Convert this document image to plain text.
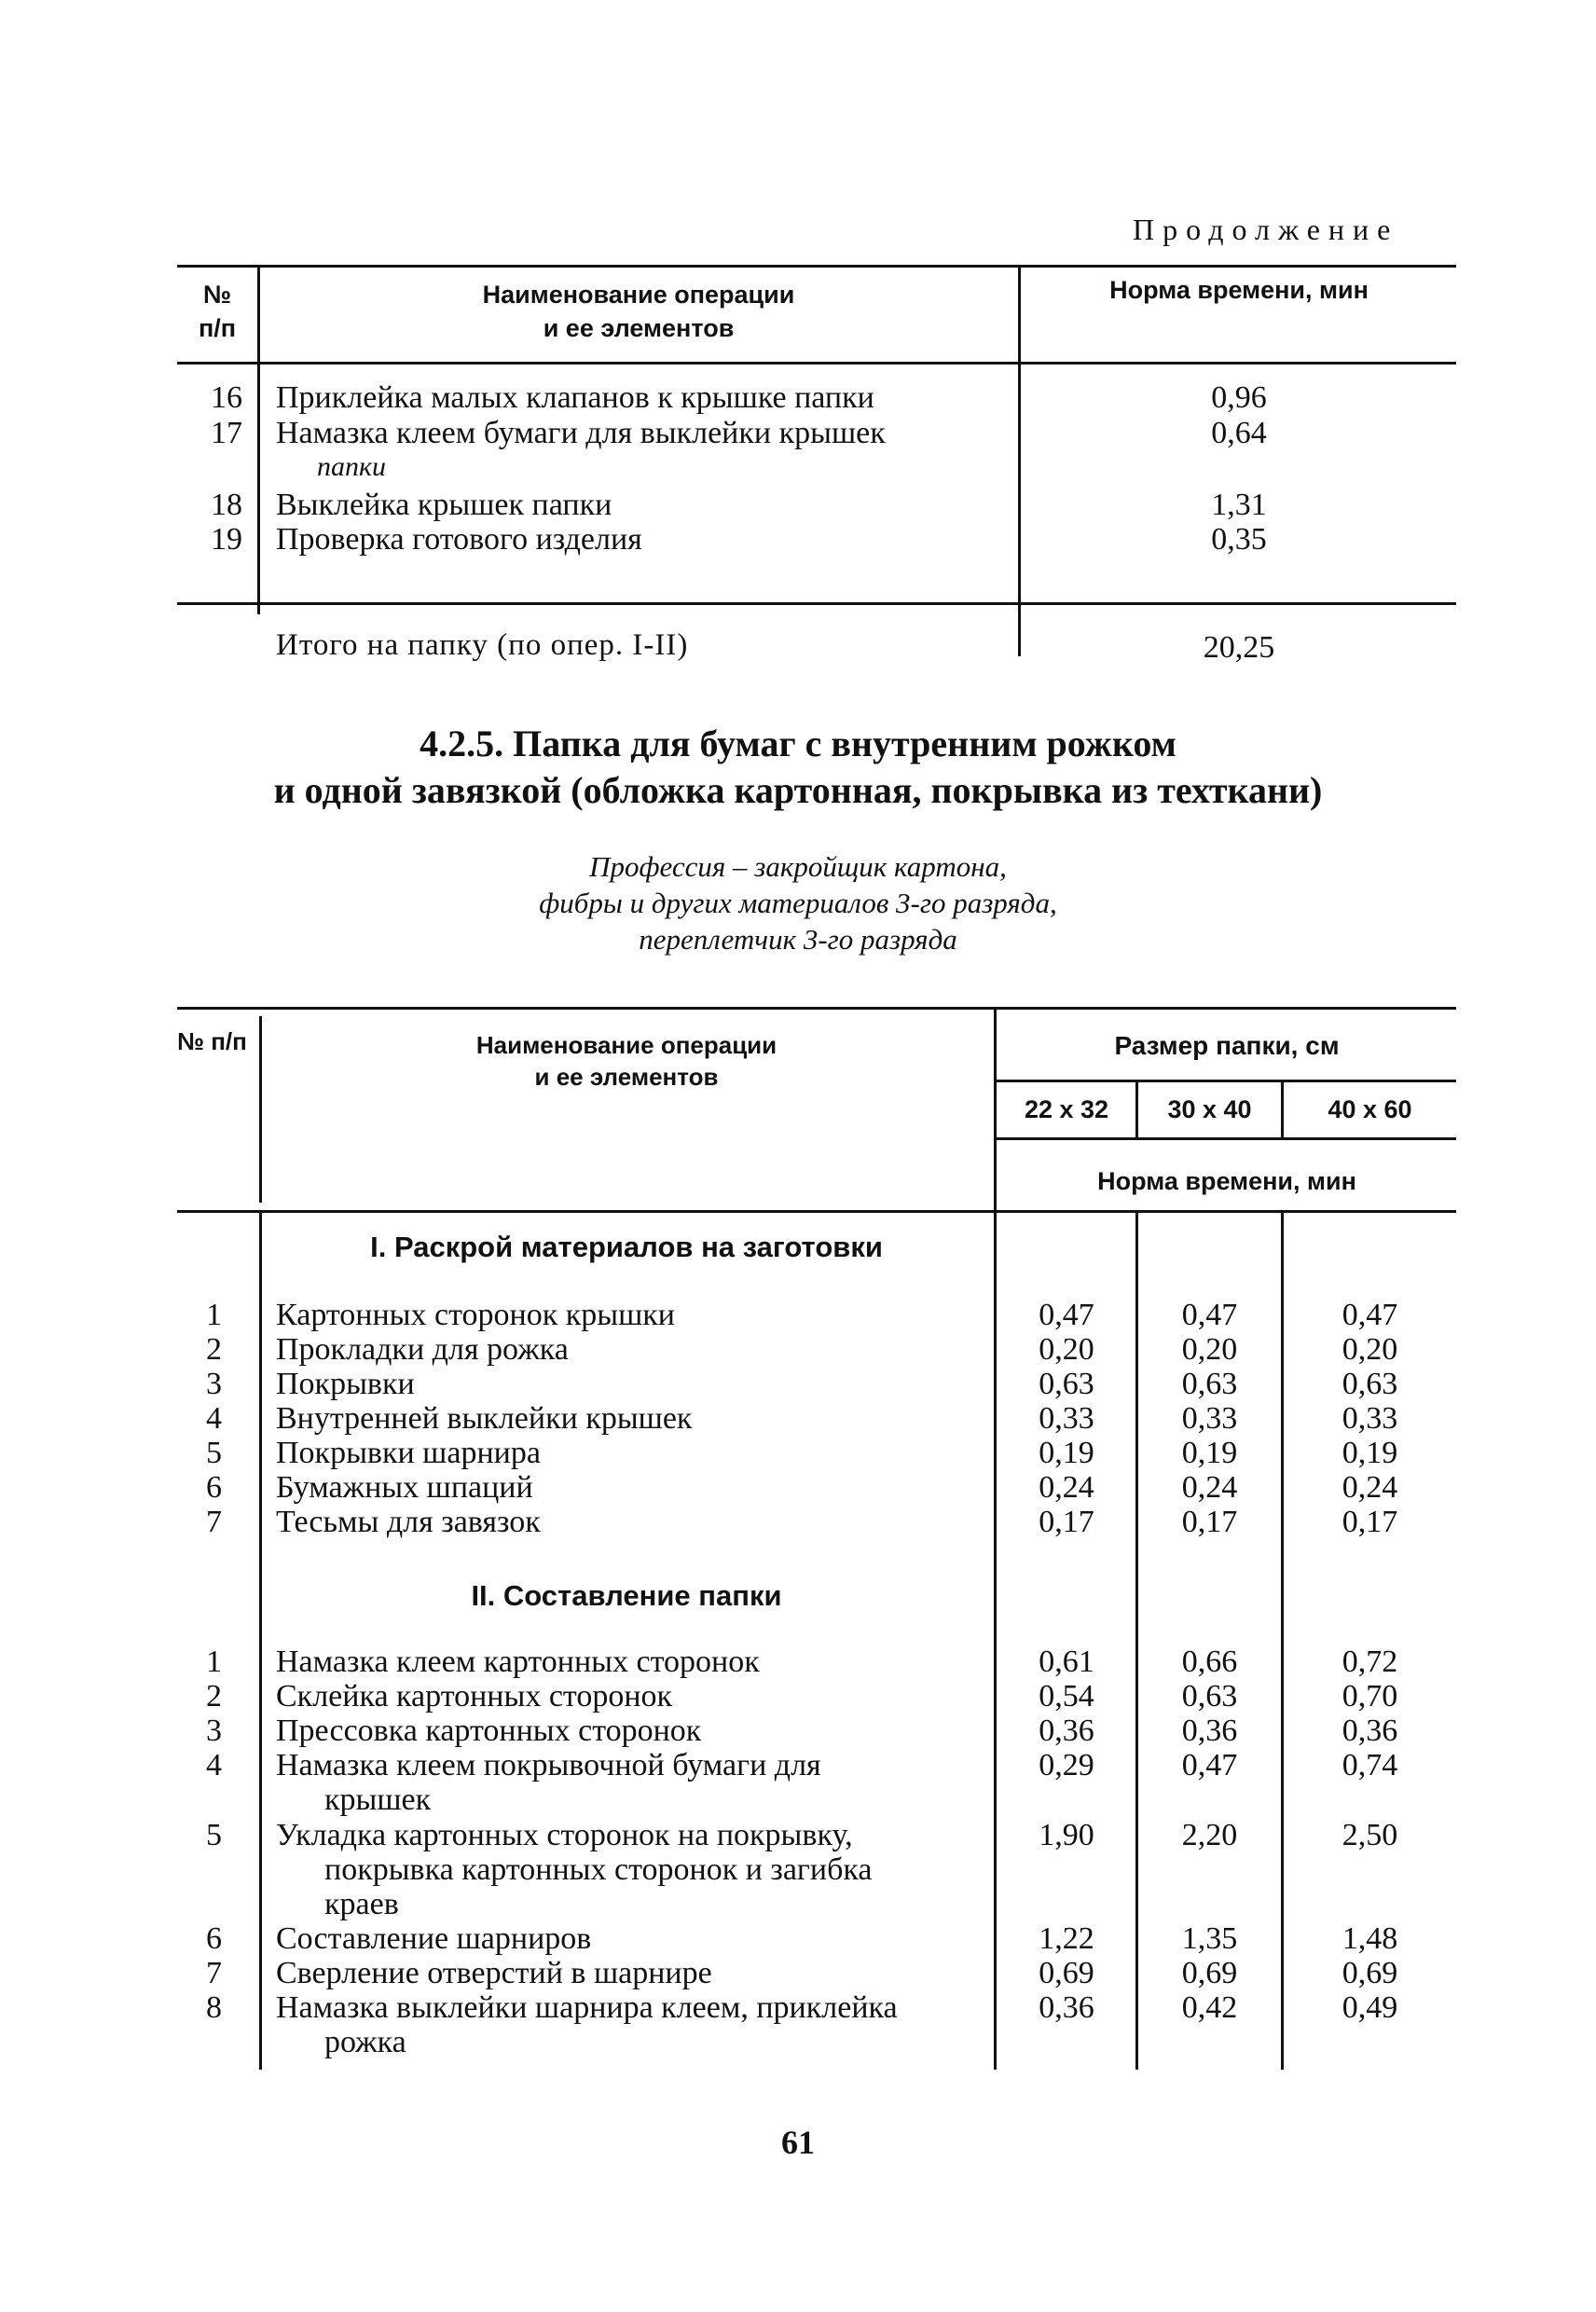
Продолжение
№
п/п
Наименование операции
и ее элементов
Норма времени, мин
16 Приклейка малых клапанов к крышке папки	0,96
17 Намазка клеем бумаги для выклейки крышек
папки
0,64
18 Выклейка крышек папки	1,31
19 Проверка готового изделия	0,35
Итого на папку (по опер. I-II)	20,25
4.2.5. Папка для бумаг с внутренним рожком
и одной завязкой (обложка картонная, покрывка из техткани)
Профессия – закройщик картона,
фибры и других материалов 3-го разряда,
переплетчик 3-го разряда
№ п/п	Наименование операции
и ее элементов
Размер папки, см
22 х 32	30 х 40	40 х 60
Норма времени, мин
I. Раскрой материалов на заготовки
II. Составление папки
1 Картонных сторонок крышки	0,47	0,47	0,47
2 Прокладки для рожка	0,20	0,20	0,20
3 Покрывки	0,63	0,63	0,63
4 Внутренней выклейки крышек	0,33	0,33	0,33
5 Покрывки шарнира	0,19	0,19	0,19
6 Бумажных шпаций	0,24	0,24	0,24
7 Тесьмы для завязок	0,17	0,17	0,17
1 Намазка клеем картонных сторонок	0,61	0,66	0,72
2 Склейка картонных сторонок	0,54	0,63	0,70
3 Прессовка картонных сторонок	0,36	0,36	0,36
4 Намазка клеем покрывочной бумаги для
крышек
0,29	0,47	0,74
5 Укладка картонных сторонок на покрывку,
покрывка картонных сторонок и загибка
краев
1,90	2,20	2,50
6 Составление шарниров	1,22	1,35	1,48
7 Сверление отверстий в шарнире	0,69	0,69	0,69
8 Намазка выклейки шарнира клеем, приклейка
рожка
0,36	0,42	0,49
61
